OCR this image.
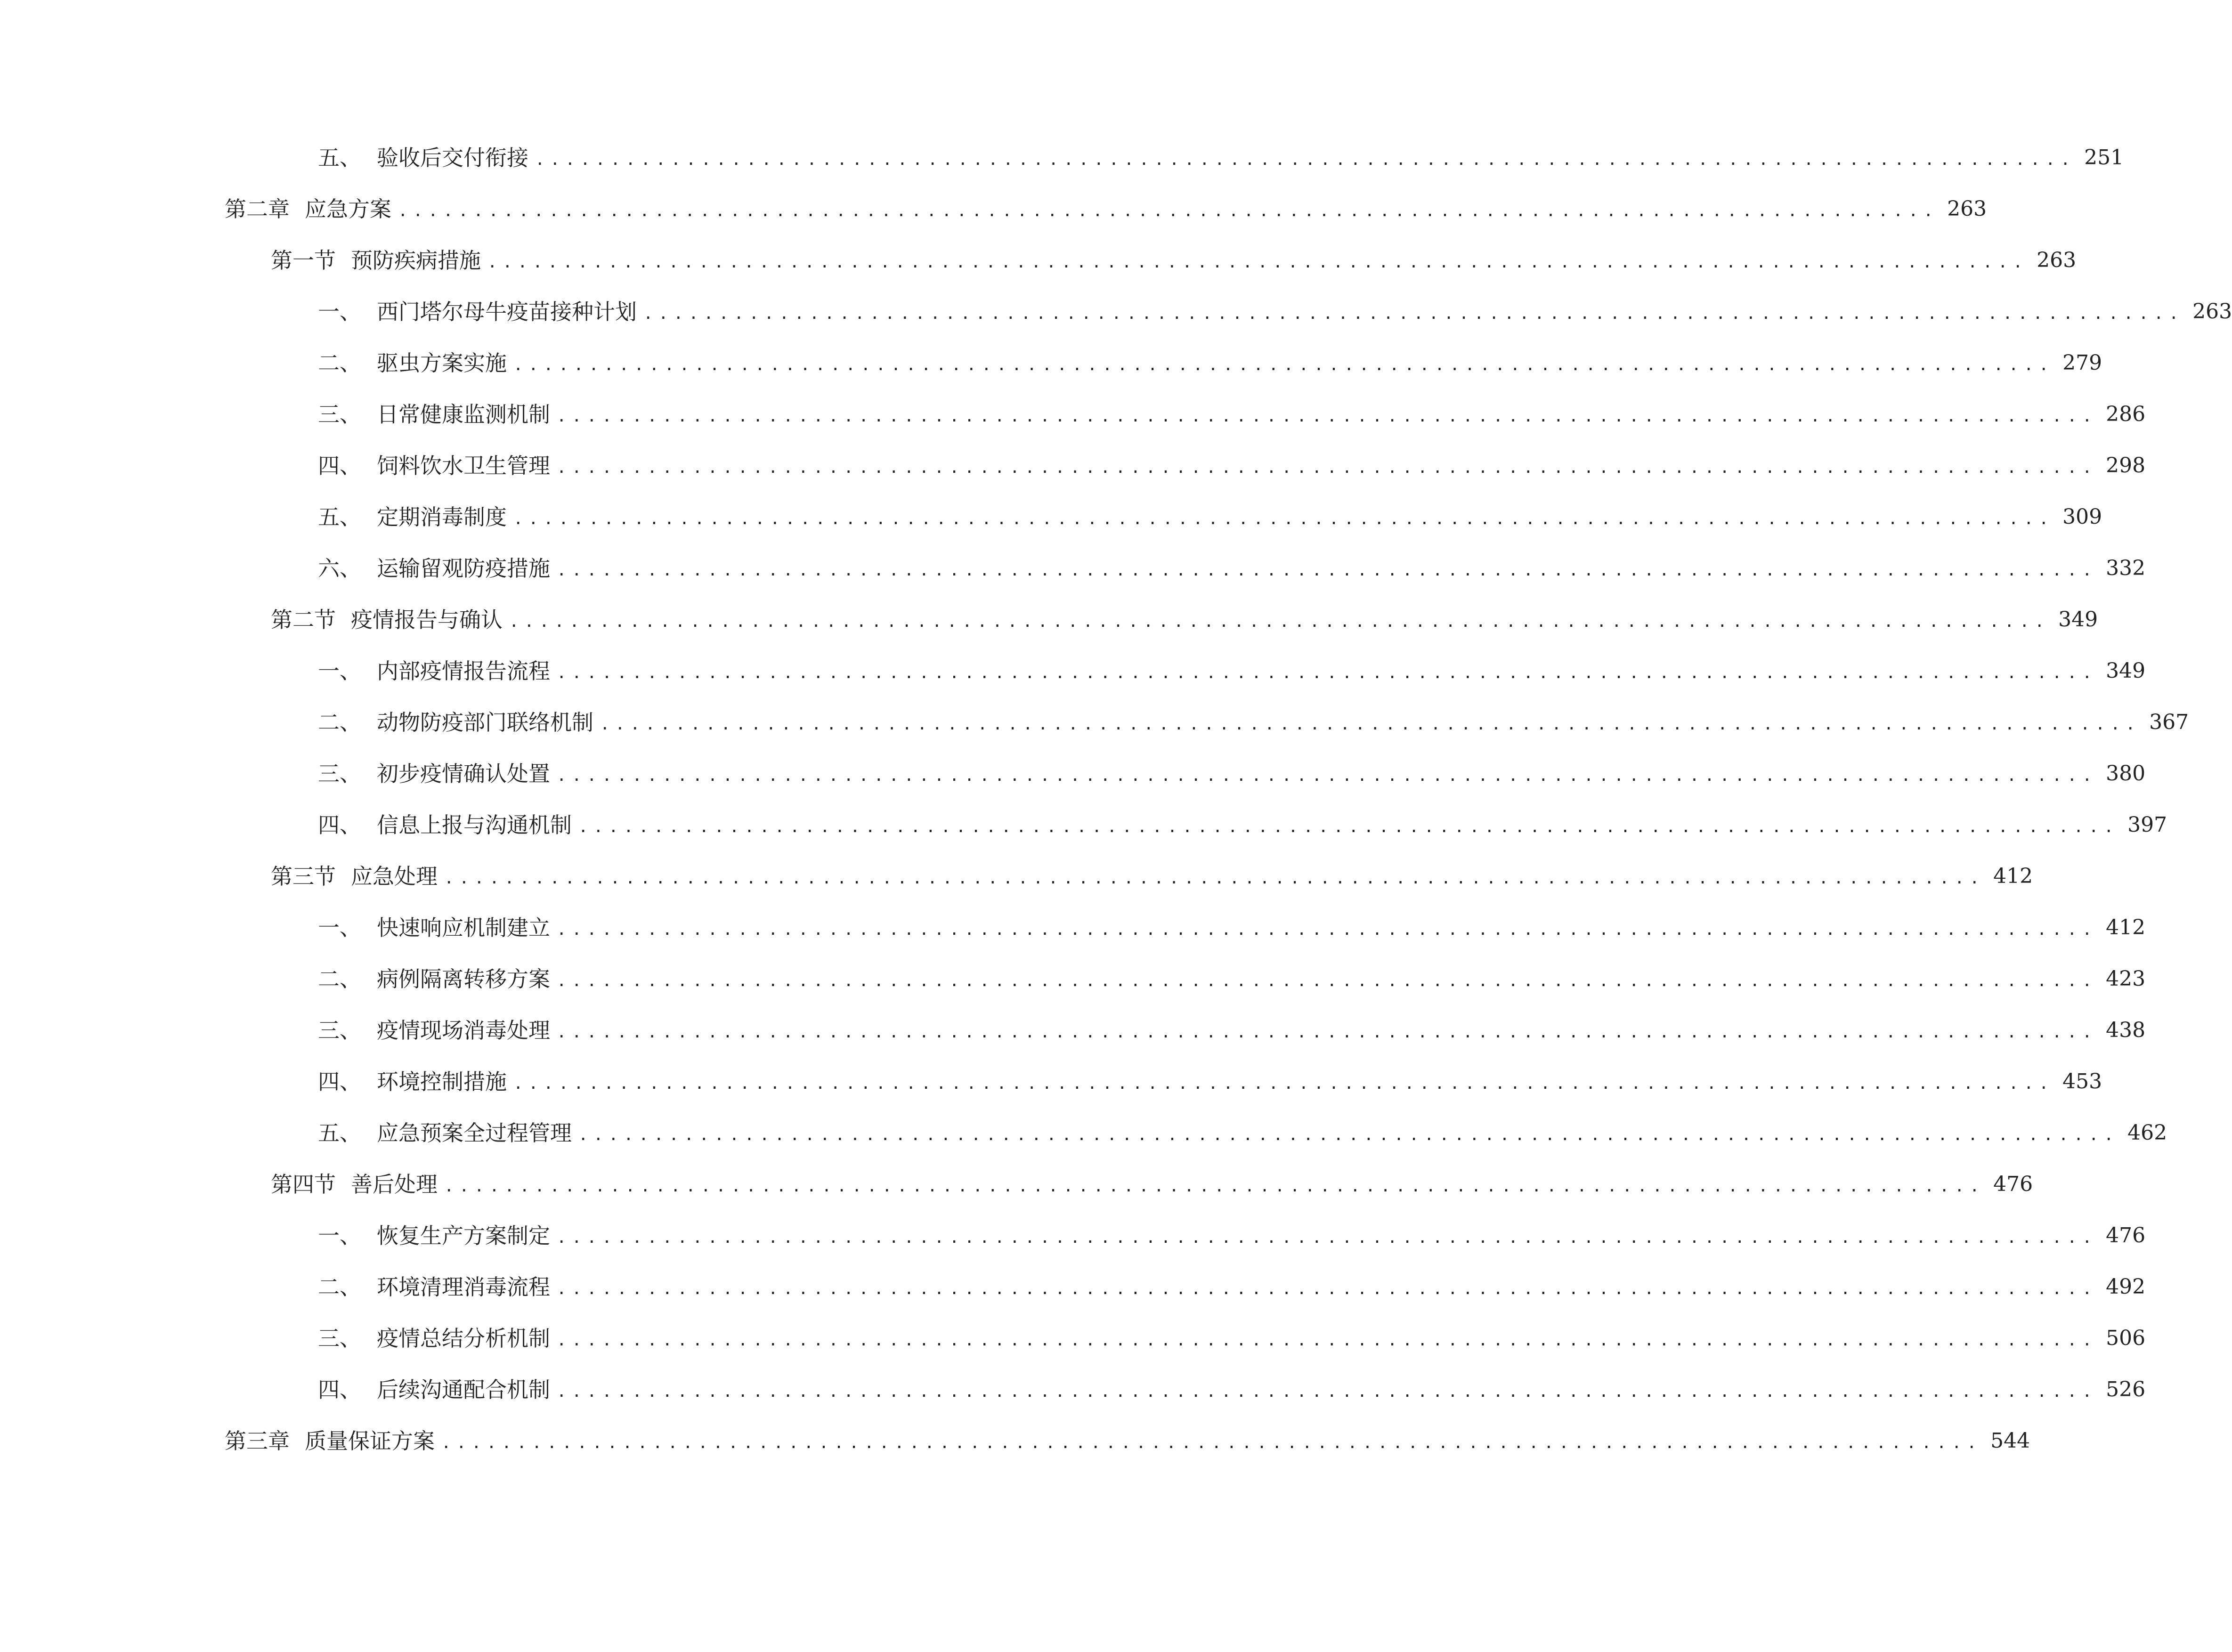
五、 验收后交付衔接 ...................................................................................................... 251
第二章 应急方案 ...................................................................................................... 263
第一节 预防疾病措施 ...................................................................................................... 263
一、 西门塔尔母牛疫苗接种计划 ...................................................................................................... 263
二、 驱虫方案实施 ...................................................................................................... 279
三、 日常健康监测机制 ...................................................................................................... 286
四、 饲料饮水卫生管理 ...................................................................................................... 298
五、 定期消毒制度 ...................................................................................................... 309
六、 运输留观防疫措施 ...................................................................................................... 332
第二节 疫情报告与确认 ...................................................................................................... 349
一、 内部疫情报告流程 ...................................................................................................... 349
二、 动物防疫部门联络机制 ...................................................................................................... 367
三、 初步疫情确认处置 ...................................................................................................... 380
四、 信息上报与沟通机制 ...................................................................................................... 397
第三节 应急处理 ...................................................................................................... 412
一、 快速响应机制建立 ...................................................................................................... 412
二、 病例隔离转移方案 ...................................................................................................... 423
三、 疫情现场消毒处理 ...................................................................................................... 438
四、 环境控制措施 ...................................................................................................... 453
五、 应急预案全过程管理 ...................................................................................................... 462
第四节 善后处理 ...................................................................................................... 476
一、 恢复生产方案制定 ...................................................................................................... 476
二、 环境清理消毒流程 ...................................................................................................... 492
三、 疫情总结分析机制 ...................................................................................................... 506
四、 后续沟通配合机制 ...................................................................................................... 526
第三章 质量保证方案 ...................................................................................................... 544
